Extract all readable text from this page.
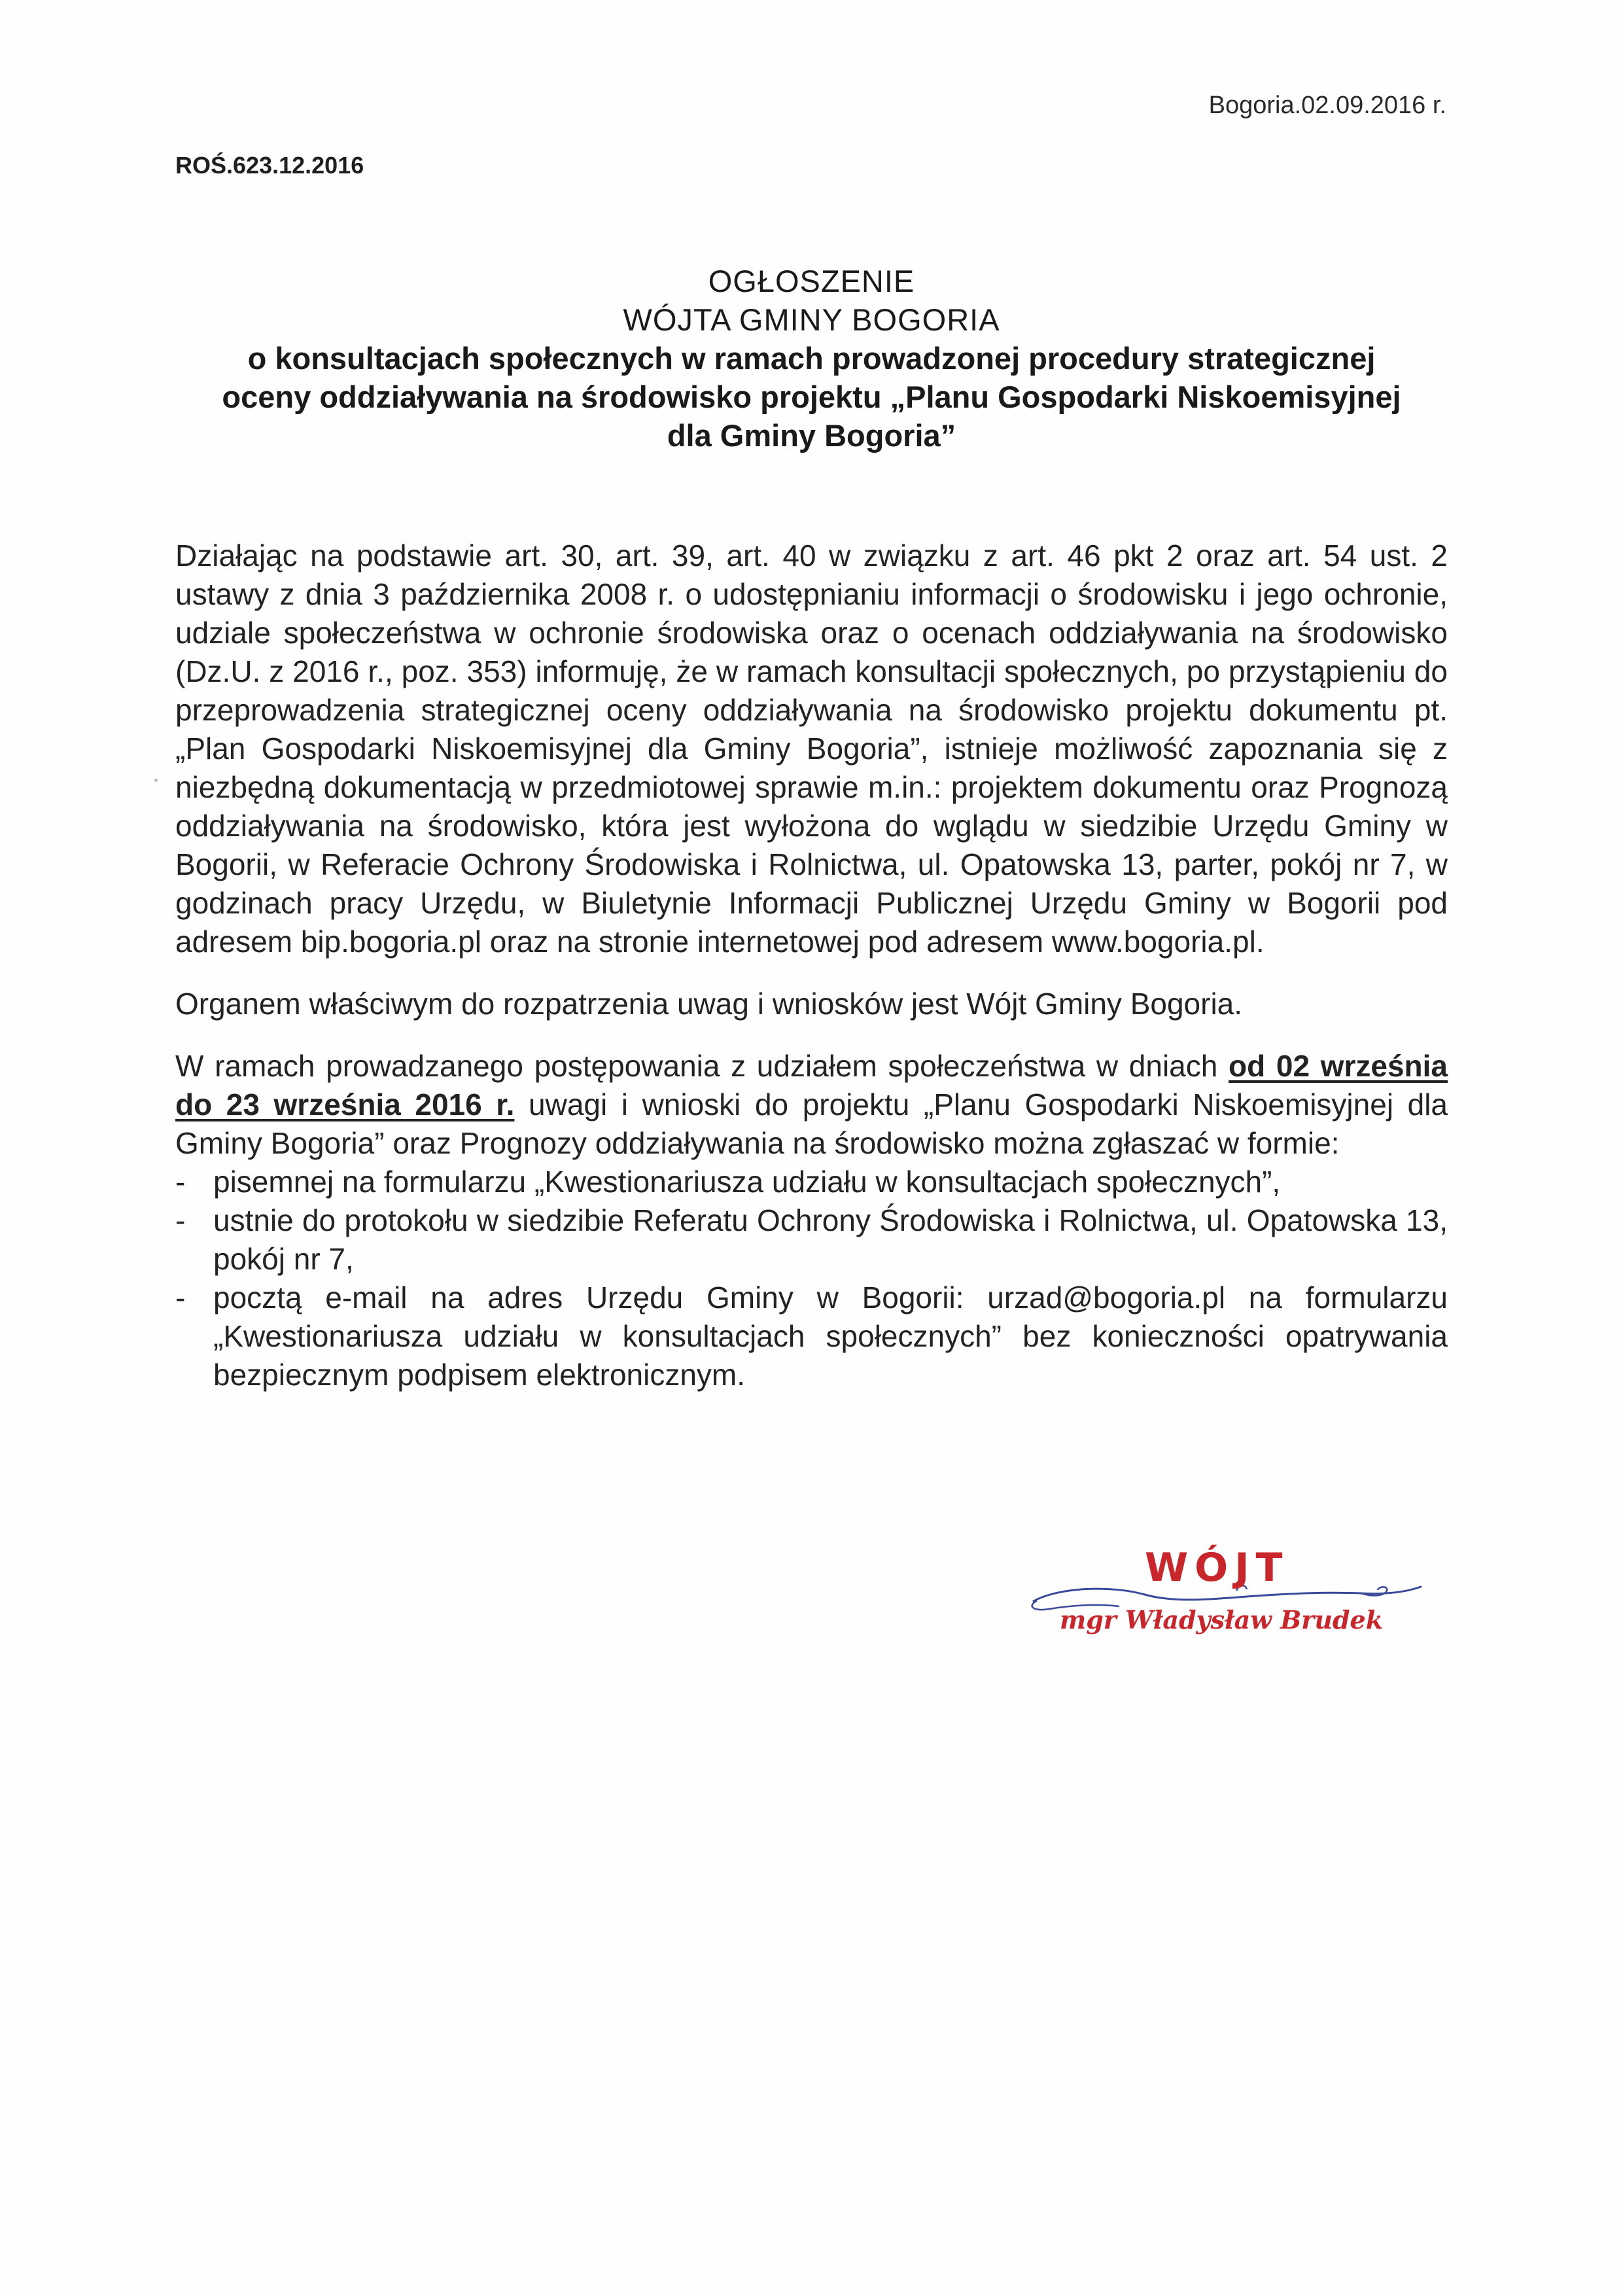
Bogoria.02.09.2016 r.
ROŚ.623.12.2016
OGŁOSZENIE
WÓJTA GMINY BOGORIA
o konsultacjach społecznych w ramach prowadzonej procedury strategicznej
oceny oddziaływania na środowisko projektu „Planu Gospodarki Niskoemisyjnej
dla Gminy Bogoria”

Działając na podstawie art. 30, art. 39, art. 40 w związku z art. 46 pkt 2 oraz art. 54 ust. 2 ustawy z dnia 3 października 2008 r. o udostępnianiu informacji o środowisku i jego ochronie, udziale społeczeństwa w ochronie środowiska oraz o ocenach oddziaływania na środowisko (Dz.U. z 2016 r., poz. 353) informuję, że w ramach konsultacji społecznych, po przystąpieniu do przeprowadzenia strategicznej oceny oddziaływania na środowisko projektu dokumentu pt. „Plan Gospodarki Niskoemisyjnej dla Gminy Bogoria”, istnieje możliwość zapoznania się z niezbędną dokumentacją w przedmiotowej sprawie m.in.: projektem dokumentu oraz Prognozą oddziaływania na środowisko, która jest wyłożona do wglądu w siedzibie Urzędu Gminy w Bogorii, w Referacie Ochrony Środowiska i Rolnictwa, ul. Opatowska 13, parter, pokój nr 7, w godzinach pracy Urzędu, w Biuletynie Informacji Publicznej Urzędu Gminy w Bogorii pod adresem bip.bogoria.pl oraz na stronie internetowej pod adresem www.bogoria.pl.

Organem właściwym do rozpatrzenia uwag i wniosków jest Wójt Gminy Bogoria.

W ramach prowadzanego postępowania z udziałem społeczeństwa w dniach od 02 września do 23 września 2016 r. uwagi i wnioski do projektu „Planu Gospodarki Niskoemisyjnej dla Gminy Bogoria” oraz Prognozy oddziaływania na środowisko można zgłaszać w formie:

- pisemnej na formularzu „Kwestionariusza udziału w konsultacjach społecznych”,
- ustnie do protokołu w siedzibie Referatu Ochrony Środowiska i Rolnictwa, ul. Opatowska 13, pokój nr 7,
- pocztą e-mail na adres Urzędu Gminy w Bogorii: urzad@bogoria.pl na formularzu „Kwestionariusza udziału w konsultacjach społecznych” bez konieczności opatrywania bezpiecznym podpisem elektronicznym.
WÓJT
mgr Władysław Brudek
